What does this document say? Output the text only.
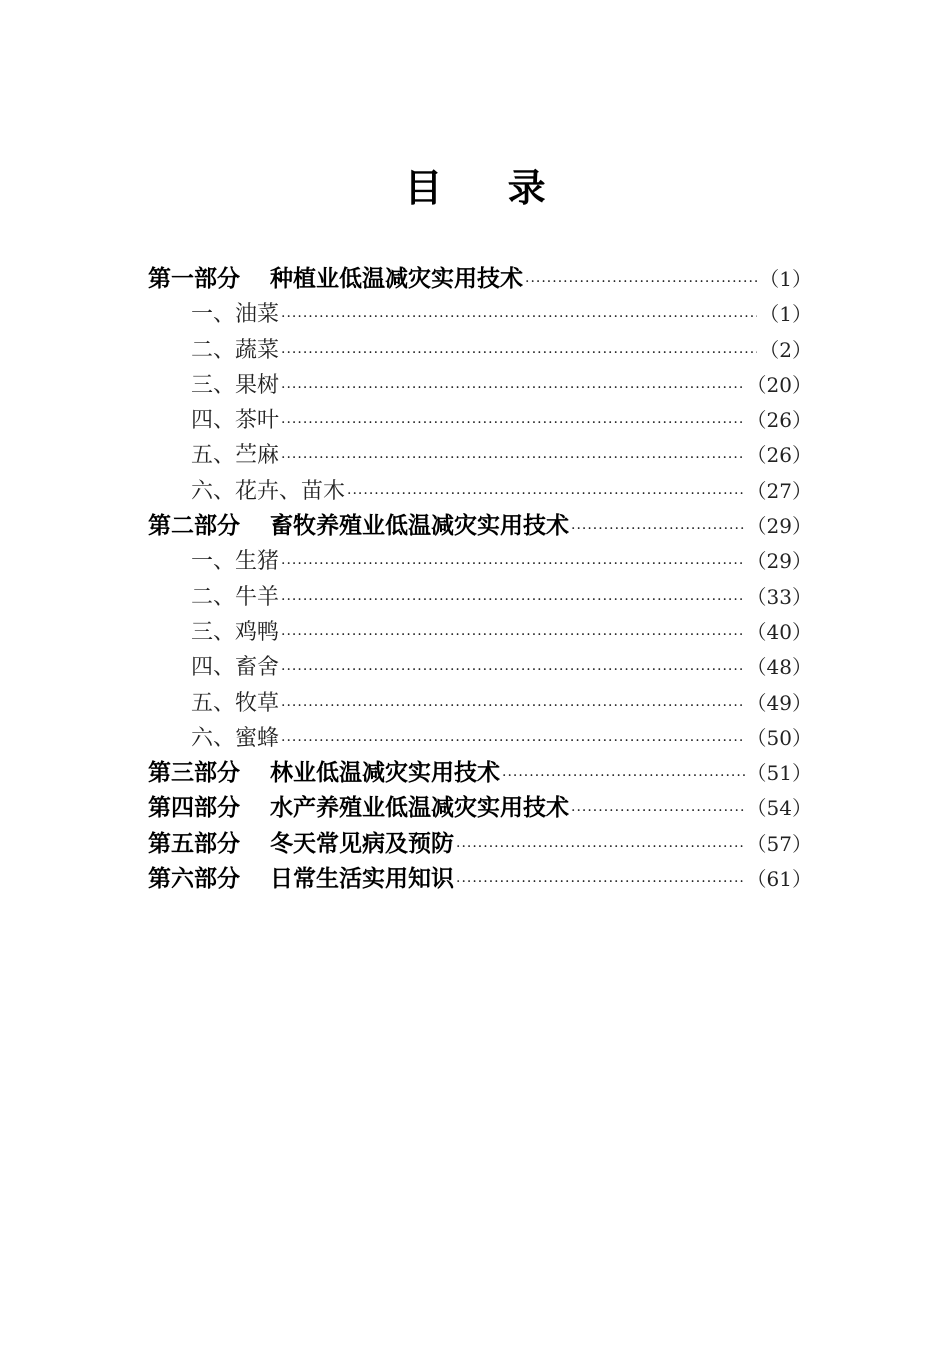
目 录
第一部分 种植业低温减灾实用技术 ·····	（1）
一、油菜 ·····	（1）
二、蔬菜 ·····	（2）
三、果树 ·····	（20）
四、茶叶 ·····	（26）
五、苎麻 ·····	（26）
六、花卉、苗木 ·····	（27）
第二部分 畜牧养殖业低温减灾实用技术 ·····	（29）
一、生猪 ·····	（29）
二、牛羊 ·····	（33）
三、鸡鸭 ·····	（40）
四、畜舍 ·····	（48）
五、牧草 ·····	（49）
六、蜜蜂 ·····	（50）
第三部分 林业低温减灾实用技术 ·····	（51）
第四部分 水产养殖业低温减灾实用技术 ·····	（54）
第五部分 冬天常见病及预防 ·····	（57）
第六部分 日常生活实用知识 ·····	（61）
